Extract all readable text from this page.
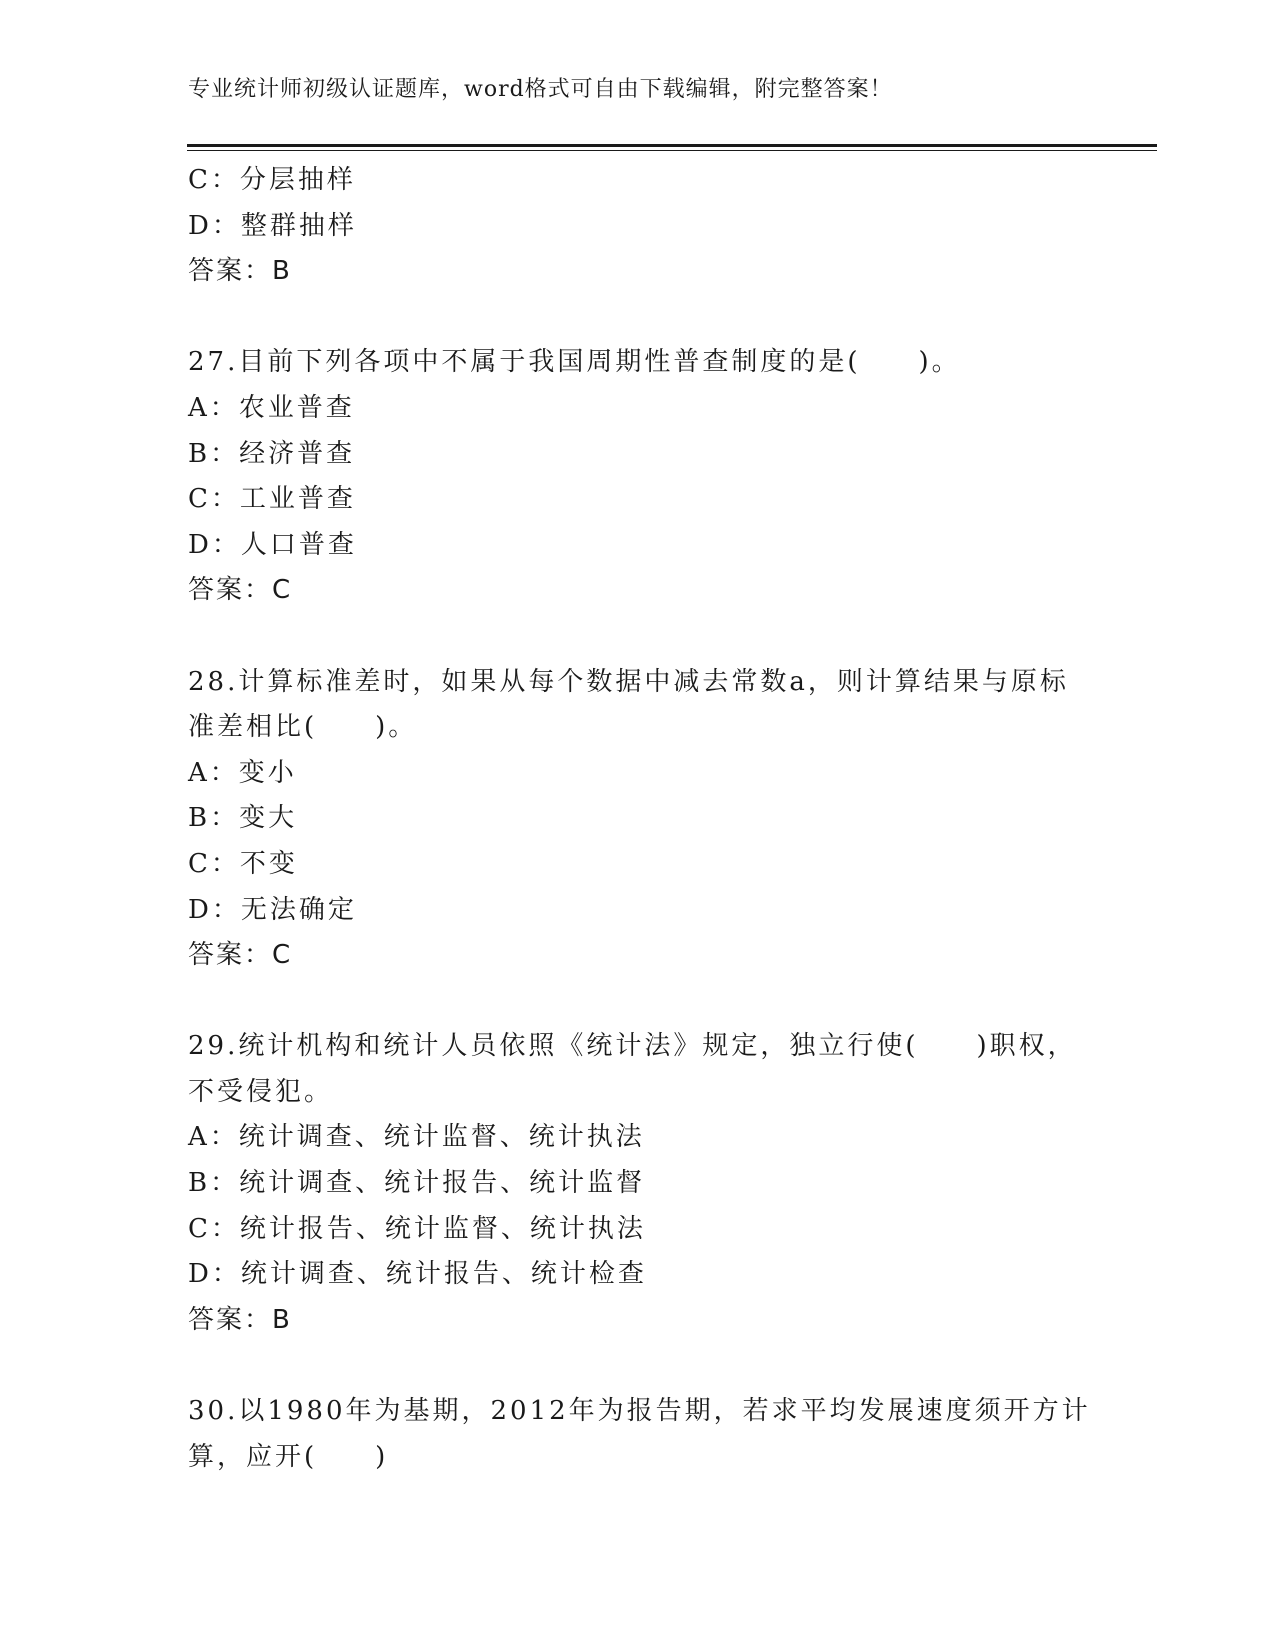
专业统计师初级认证题库，word格式可自由下载编辑，附完整答案！
C：分层抽样
D：整群抽样
答案：B
27.目前下列各项中不属于我国周期性普查制度的是(　　)。
A：农业普查
B：经济普查
C：工业普查
D：人口普查
答案：C
28.计算标准差时，如果从每个数据中减去常数a，则计算结果与原标
准差相比(　　)。
A：变小
B：变大
C：不变
D：无法确定
答案：C
29.统计机构和统计人员依照《统计法》规定，独立行使(　　)职权，
不受侵犯。
A：统计调查、统计监督、统计执法
B：统计调查、统计报告、统计监督
C：统计报告、统计监督、统计执法
D：统计调查、统计报告、统计检查
答案：B
30.以1980年为基期，2012年为报告期，若求平均发展速度须开方计
算，应开(　　)
